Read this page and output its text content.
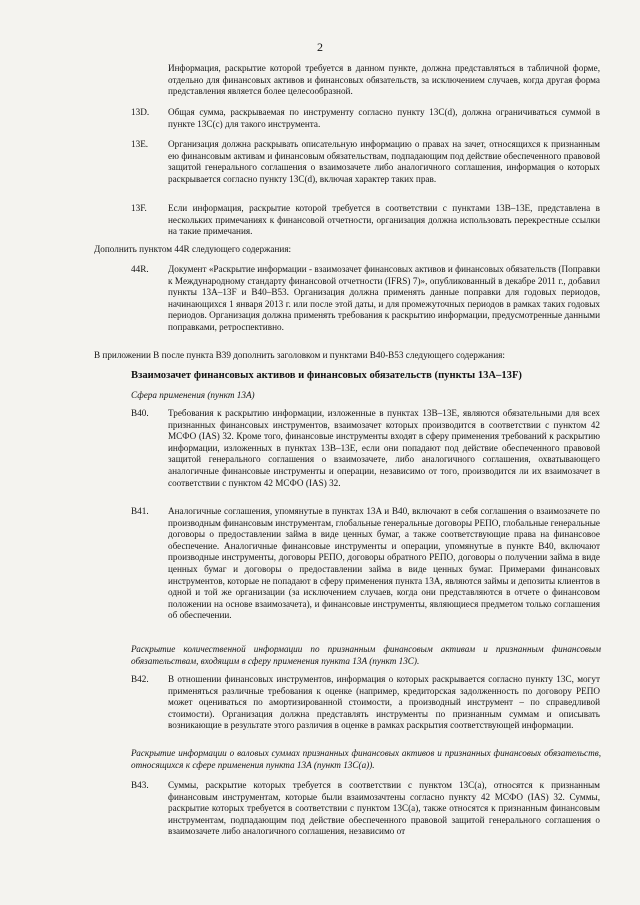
2

Информация, раскрытие которой требуется в данном пункте, должна представляться в табличной форме, отдельно для финансовых активов и финансовых обязательств, за исключением случаев, когда другая форма представления является более целесообразной.

13D. Общая сумма, раскрываемая по инструменту согласно пункту 13C(d), должна ограничиваться суммой в пункте 13C(c) для такого инструмента.

13E. Организация должна раскрывать описательную информацию о правах на зачет, относящихся к признанным ею финансовым активам и финансовым обязательствам, подпадающим под действие обеспеченного правовой защитой генерального соглашения о взаимозачете либо аналогичного соглашения, информация о которых раскрывается согласно пункту 13C(d), включая характер таких прав.

13F. Если информация, раскрытие которой требуется в соответствии с пунктами 13B–13E, представлена в нескольких примечаниях к финансовой отчетности, организация должна использовать перекрестные ссылки на такие примечания.

Дополнить пунктом 44R следующего содержания:

44R. Документ «Раскрытие информации - взаимозачет финансовых активов и финансовых обязательств (Поправки к Международному стандарту финансовой отчетности (IFRS) 7)», опубликованный в декабре 2011 г., добавил пункты 13A–13F и B40–B53. Организация должна применять данные поправки для годовых периодов, начинающихся 1 января 2013 г. или после этой даты, и для промежуточных периодов в рамках таких годовых периодов. Организация должна применять требования к раскрытию информации, предусмотренные данными поправками, ретроспективно.

В приложении В после пункта B39 дополнить заголовком и пунктами B40-B53 следующего содержания:

Взаимозачет финансовых активов и финансовых обязательств (пункты 13A–13F)

Сфера применения (пункт 13A)

B40. Требования к раскрытию информации, изложенные в пунктах 13B–13E, являются обязательными для всех признанных финансовых инструментов, взаимозачет которых производится в соответствии с пунктом 42 МСФО (IAS) 32. Кроме того, финансовые инструменты входят в сферу применения требований к раскрытию информации, изложенных в пунктах 13B–13E, если они попадают под действие обеспеченного правовой защитой генерального соглашения о взаимозачете, либо аналогичного соглашения, охватывающего аналогичные финансовые инструменты и операции, независимо от того, производится ли их взаимозачет в соответствии с пунктом 42 МСФО (IAS) 32.

B41. Аналогичные соглашения, упомянутые в пунктах 13A и B40, включают в себя соглашения о взаимозачете по производным финансовым инструментам, глобальные генеральные договоры РЕПО, глобальные генеральные договоры о предоставлении займа в виде ценных бумаг, а также соответствующие права на финансовое обеспечение. Аналогичные финансовые инструменты и операции, упомянутые в пункте B40, включают производные инструменты, договоры РЕПО, договоры обратного РЕПО, договоры о получении займа в виде ценных бумаг и договоры о предоставлении займа в виде ценных бумаг. Примерами финансовых инструментов, которые не попадают в сферу применения пункта 13A, являются займы и депозиты клиентов в одной и той же организации (за исключением случаев, когда они представляются в отчете о финансовом положении на основе взаимозачета), и финансовые инструменты, являющиеся предметом только соглашения об обеспечении.

Раскрытие количественной информации по признанным финансовым активам и признанным финансовым обязательствам, входящим в сферу применения пункта 13A (пункт 13C).

B42. В отношении финансовых инструментов, информация о которых раскрывается согласно пункту 13C, могут применяться различные требования к оценке (например, кредиторская задолженность по договору РЕПО может оцениваться по амортизированной стоимости, а производный инструмент – по справедливой стоимости). Организация должна представлять инструменты по признанным суммам и описывать возникающие в результате этого различия в оценке в рамках раскрытия соответствующей информации.

Раскрытие информации о валовых суммах признанных финансовых активов и признанных финансовых обязательств, относящихся к сфере применения пункта 13A (пункт 13C(a)).

B43. Суммы, раскрытие которых требуется в соответствии с пунктом 13C(a), относятся к признанным финансовым инструментам, которые были взаимозачтены согласно пункту 42 МСФО (IAS) 32. Суммы, раскрытие которых требуется в соответствии с пунктом 13C(a), также относятся к признанным финансовым инструментам, подпадающим под действие обеспеченного правовой защитой генерального соглашения о взаимозачете либо аналогичного соглашения, независимо от
